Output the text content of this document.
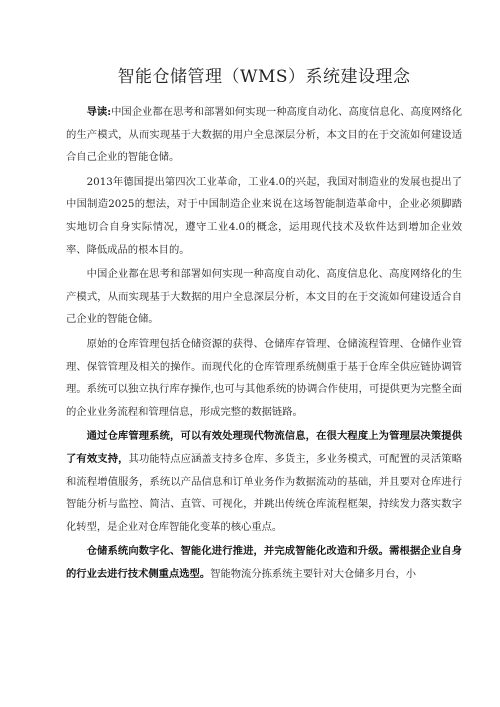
智能仓储管理（WMS）系统建设理念

导读:中国企业都在思考和部署如何实现一种高度自动化、高度信息化、高度网络化的生产模式，从而实现基于大数据的用户全息深层分析，本文目的在于交流如何建设适合自己企业的智能仓储。

2013年德国提出第四次工业革命，工业4.0的兴起，我国对制造业的发展也提出了中国制造2025的想法，对于中国制造企业来说在这场智能制造革命中，企业必须脚踏实地切合自身实际情况，遵守工业4.0的概念，运用现代技术及软件达到增加企业效率、降低成品的根本目的。

中国企业都在思考和部署如何实现一种高度自动化、高度信息化、高度网络化的生产模式，从而实现基于大数据的用户全息深层分析，本文目的在于交流如何建设适合自己企业的智能仓储。

原始的仓库管理包括仓储资源的获得、仓储库存管理、仓储流程管理、仓储作业管理、保管管理及相关的操作。而现代化的仓库管理系统侧重于基于仓库全供应链协调管理。系统可以独立执行库存操作,也可与其他系统的协调合作使用，可提供更为完整全面的企业业务流程和管理信息，形成完整的数据链路。

通过仓库管理系统，可以有效处理现代物流信息，在很大程度上为管理层决策提供了有效支持，其功能特点应涵盖支持多仓库、多货主，多业务模式，可配置的灵活策略和流程增值服务，系统以产品信息和订单业务作为数据流动的基础，并且要对仓库进行智能分析与监控、简洁、直管、可视化，并跳出传统仓库流程框架，持续发力落实数字化转型，是企业对仓库智能化变革的核心重点。

仓储系统向数字化、智能化进行推进，并完成智能化改造和升级。需根据企业自身的行业去进行技术侧重点选型。智能物流分拣系统主要针对大仓储多月台，小
